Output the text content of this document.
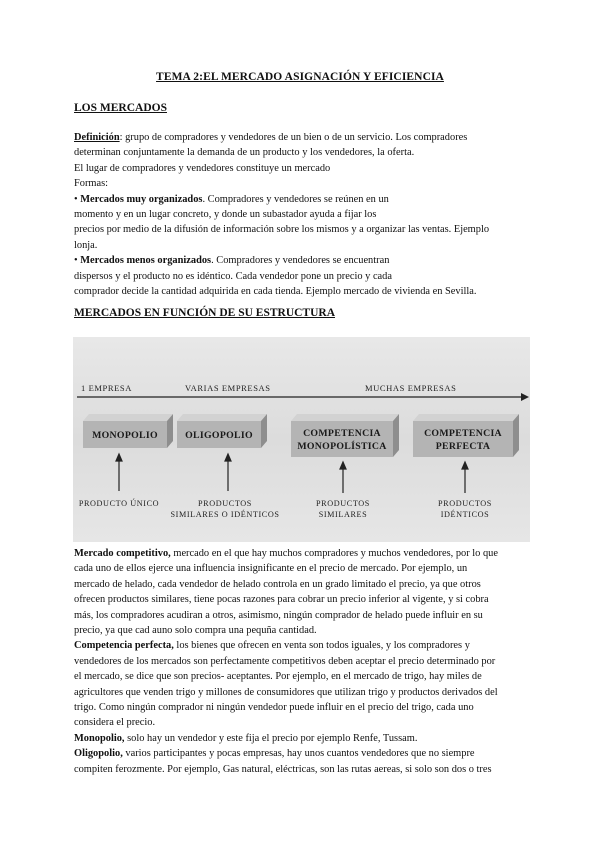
TEMA 2:EL MERCADO ASIGNACIÓN Y EFICIENCIA
LOS MERCADOS
Definición: grupo de compradores y vendedores de un bien o de un servicio. Los compradores
determinan conjuntamente la demanda de un producto y los vendedores, la oferta.
El lugar de compradores y vendedores constituye un mercado
Formas:
• Mercados muy organizados. Compradores y vendedores se reúnen en un
momento y en un lugar concreto, y donde un subastador ayuda a fijar los
precios por medio de la difusión de información sobre los mismos y a organizar las ventas. Ejemplo
lonja.
• Mercados menos organizados. Compradores y vendedores se encuentran
dispersos y el producto no es idéntico. Cada vendedor pone un precio y cada
comprador decide la cantidad adquirida en cada tienda. Ejemplo mercado de vivienda en Sevilla.
MERCADOS EN FUNCIÓN DE SU ESTRUCTURA
1 EMPRESA	VARIAS EMPRESAS	MUCHAS EMPRESAS
MONOPOLIO	OLIGOPOLIO	COMPETENCIA
MONOPOLÍSTICA
COMPETENCIA
PERFECTA
PRODUCTO ÚNICO	PRODUCTOS
SIMILARES O IDÉNTICOS
PRODUCTOS
SIMILARES
PRODUCTOS
IDÉNTICOS
Mercado competitivo, mercado en el que hay muchos compradores y muchos vendedores, por lo que
cada uno de ellos ejerce una influencia insignificante en el precio de mercado. Por ejemplo, un
mercado de helado, cada vendedor de helado controla en un grado limitado el precio, ya que otros
ofrecen productos similares, tiene pocas razones para cobrar un precio inferior al vigente, y si cobra
más, los compradores acudiran a otros, asimismo, ningún comprador de helado puede influir en su
precio, ya que cad auno solo compra una pequña cantidad.
Competencia perfecta, los bienes que ofrecen en venta son todos iguales, y los compradores y
vendedores de los mercados son perfectamente competitivos deben aceptar el precio determinado por
el mercado, se dice que son precios- aceptantes. Por ejemplo, en el mercado de trigo, hay miles de
agricultores que venden trigo y millones de consumidores que utilizan trigo y productos derivados del
trigo. Como ningún comprador ni ningún vendedor puede influir en el precio del trigo, cada uno
considera el precio.
Monopolio, solo hay un vendedor y este fija el precio por ejemplo Renfe, Tussam.
Oligopolio, varios participantes y pocas empresas, hay unos cuantos vendedores que no siempre
compiten ferozmente. Por ejemplo, Gas natural, eléctricas, son las rutas aereas, si solo son dos o tres
